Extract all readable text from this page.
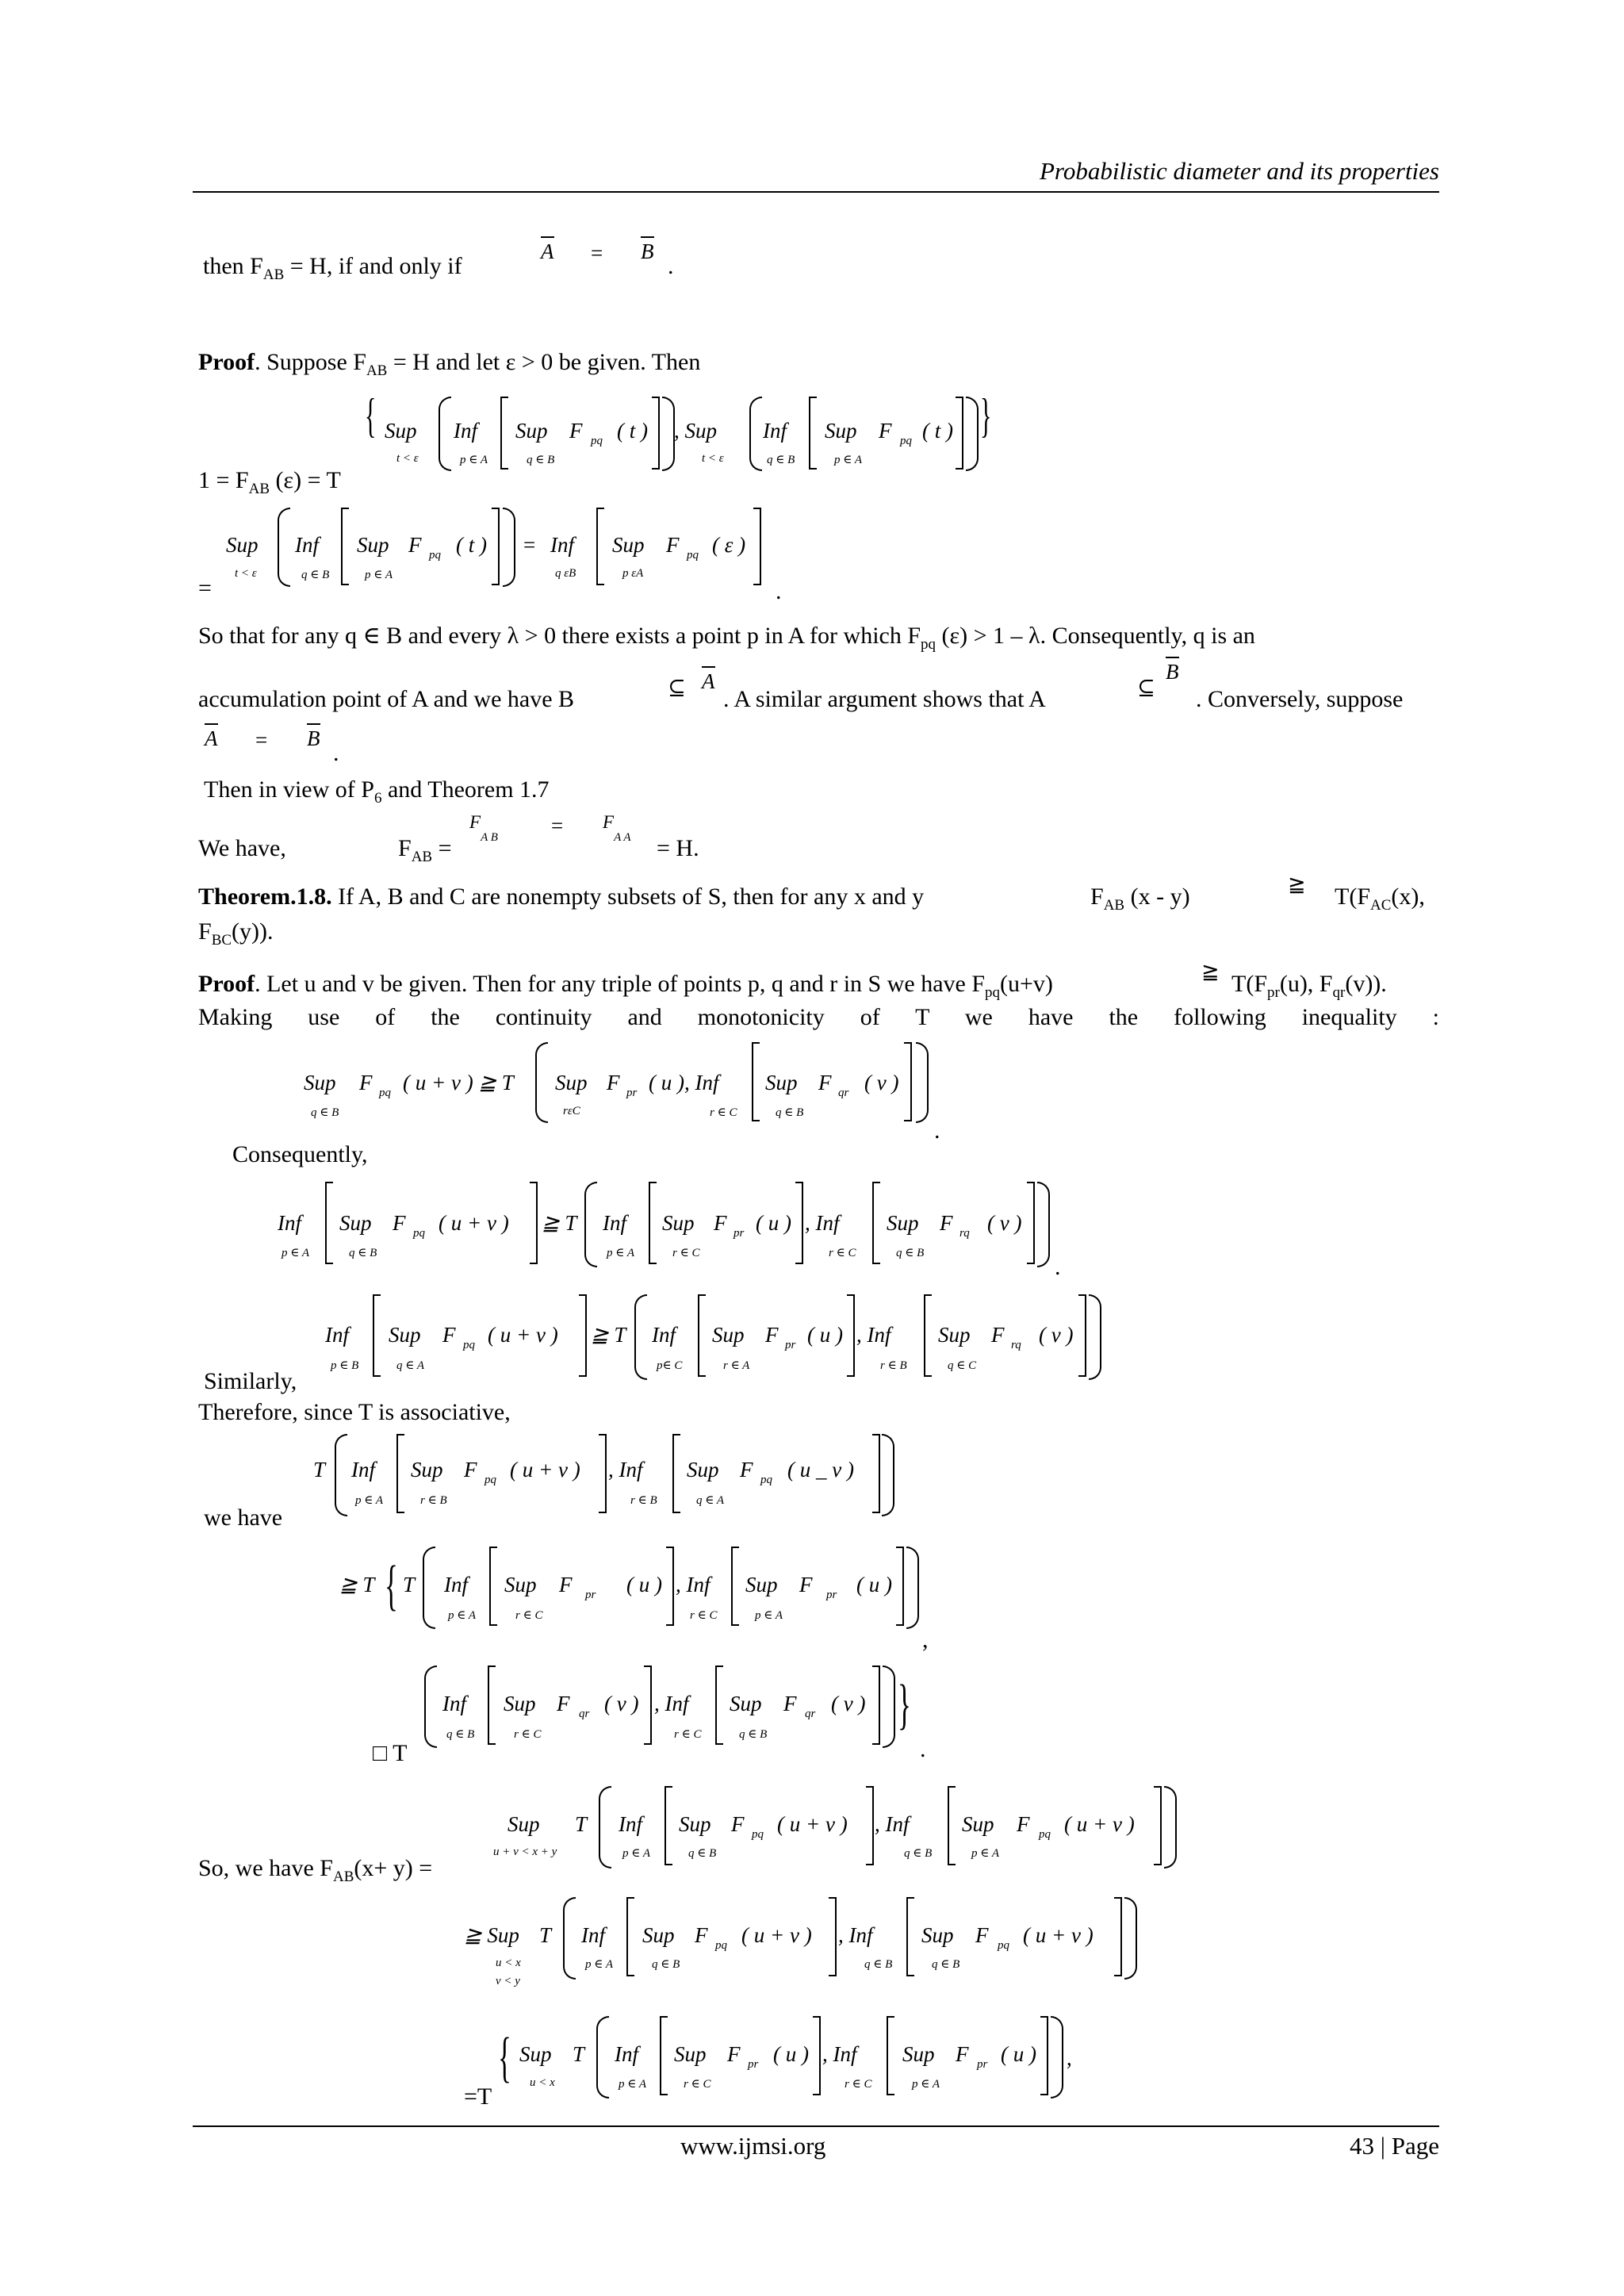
Probabilistic diameter and its properties
then $F_{AB} = H$, if and only if
A = B
.
Proof. Suppose $F_{AB} = H$ and let ε > 0 be given. Then
{ Sup
t < ε
Inf
p ∈ A
Sup F pq ( t )
q ∈ B
, Sup
t < ε
Inf
q ∈ B
Sup F pq ( t )
p ∈ A
}
$1 = F_{AB}$ (ε) = T
=
Sup
t < ε
Inf
q ∈ B
Sup F pq ( t )
p ∈ A
= Inf
q εB
Sup F pq ( ε )
p εA
.
So that for any q ∈ B and every λ > 0 there exists a point p in A for which $F_{pq}$ (ε) > 1 – λ. Consequently, q is an
accumulation point of A and we have B	⊆ A
. A similar argument shows that A	⊆
B
. Conversely, suppose
A = B
.
Then in view of $P_6$ and Theorem 1.7
We have,	$F_{AB}$ =
$F_{A B} = F_{A A} = H$.
Theorem.1.8. If A, B and C are nonempty subsets of S, then for any x and y	$F_{AB}$ (x - y)	≧ $T(F_{AC}(x)$,
$F_{BC}(y)$).
Proof. Let u and v be given. Then for any triple of points p, q and r in S we have $F_{pq}(u+v)$	≧ $T(F_{pr}(u)$, $F_{qr}(v)$).
Making use of the continuity and monotonicity of T we have the following inequality :
Sup F pq ( u + v ) ≧ T
q ∈ B
Sup F pr ( u ), Inf
rεC	r ∈ C
Sup F qr ( v )
q ∈ B
.
Consequently,
Inf
p ∈ A
Sup F pq ( u + v )
q ∈ B
≧ T Inf
p ∈ A
Sup F pr ( u )
r ∈ C
, Inf
r ∈ C
Sup F rq ( v )
q ∈ B
.
Inf
p ∈ B
Sup F pq ( u + v )
q ∈ A
≧ T Inf
p∈ C
Sup F pr ( u )
r ∈ A
, Inf
r ∈ B
Sup F rq ( v )
q ∈ C
Similarly,
Therefore, since T is associative,
T Inf
p ∈ A
Sup F pq ( u + v )
r ∈ B
, Inf
r ∈ B
Sup F pq ( u _ v )
q ∈ A
we have
≧ T { T Inf
p ∈ A
Sup F pr ( u )
r ∈ C
, Inf
r ∈ C
Sup F pr ( u )
p ∈ A
,
Inf
q ∈ B
Sup F qr ( v )
r ∈ C
, Inf
r ∈ C
Sup F qr ( v )
q ∈ B }
.
□ T
Sup
u + v < x + y
T Inf
p ∈ A
Sup F pq ( u + v )
q ∈ B
, Inf
q ∈ B
Sup F pq ( u + v )
p ∈ A
So, we have $F_{AB}(x+ y)$ =
≧ Sup
u < x
v < y
T Inf
p ∈ A
Sup F pq ( u + v )
q ∈ B
, Inf
q ∈ B
Sup F pq ( u + v )
q ∈ B
{ Sup
u < x
T Inf
p ∈ A
Sup F pr ( u )
r ∈ C
, Inf
r ∈ C
Sup F pr ( u )
p ∈ A
,
=T
www.ijmsi.org	43 | Page
